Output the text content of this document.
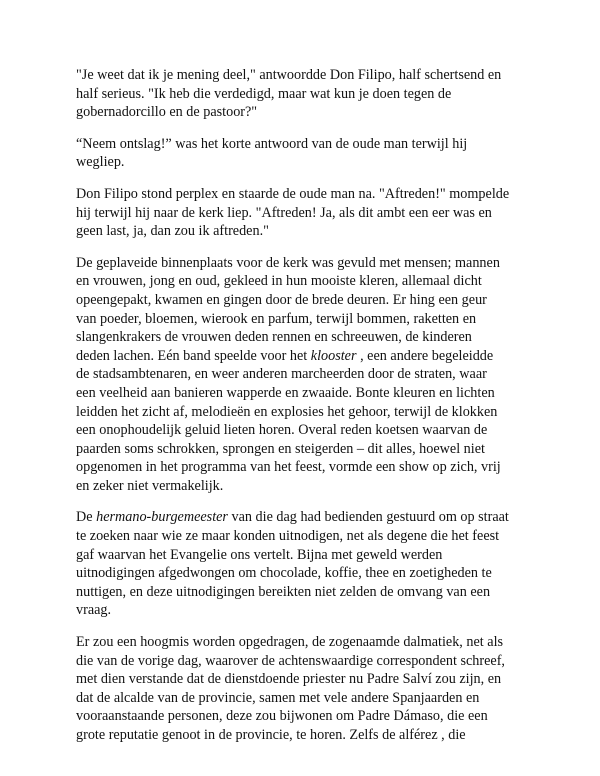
"Je weet dat ik je mening deel," antwoordde Don Filipo, half schertsend en
half serieus. "Ik heb die verdedigd, maar wat kun je doen tegen de
gobernadorcillo en de pastoor?"
“Neem ontslag!” was het korte antwoord van de oude man terwijl hij
wegliep.
Don Filipo stond perplex en staarde de oude man na. "Aftreden!" mompelde
hij terwijl hij naar de kerk liep. "Aftreden! Ja, als dit ambt een eer was en
geen last, ja, dan zou ik aftreden."
De geplaveide binnenplaats voor de kerk was gevuld met mensen; mannen
en vrouwen, jong en oud, gekleed in hun mooiste kleren, allemaal dicht
opeengepakt, kwamen en gingen door de brede deuren. Er hing een geur
van poeder, bloemen, wierook en parfum, terwijl bommen, raketten en
slangenkrakers de vrouwen deden rennen en schreeuwen, de kinderen
deden lachen. Eén band speelde voor het klooster , een andere begeleidde
de stadsambtenaren, en weer anderen marcheerden door de straten, waar
een veelheid aan banieren wapperde en zwaaide. Bonte kleuren en lichten
leidden het zicht af, melodieën en explosies het gehoor, terwijl de klokken
een onophoudelijk geluid lieten horen. Overal reden koetsen waarvan de
paarden soms schrokken, sprongen en steigerden – dit alles, hoewel niet
opgenomen in het programma van het feest, vormde een show op zich, vrij
en zeker niet vermakelijk.
De hermano-burgemeester van die dag had bedienden gestuurd om op straat
te zoeken naar wie ze maar konden uitnodigen, net als degene die het feest
gaf waarvan het Evangelie ons vertelt. Bijna met geweld werden
uitnodigingen afgedwongen om chocolade, koffie, thee en zoetigheden te
nuttigen, en deze uitnodigingen bereikten niet zelden de omvang van een
vraag.
Er zou een hoogmis worden opgedragen, de zogenaamde dalmatiek, net als
die van de vorige dag, waarover de achtenswaardige correspondent schreef,
met dien verstande dat de dienstdoende priester nu Padre Salví zou zijn, en
dat de alcalde van de provincie, samen met vele andere Spanjaarden en
vooraanstaande personen, deze zou bijwonen om Padre Dámaso, die een
grote reputatie genoot in de provincie, te horen. Zelfs de alférez , die
